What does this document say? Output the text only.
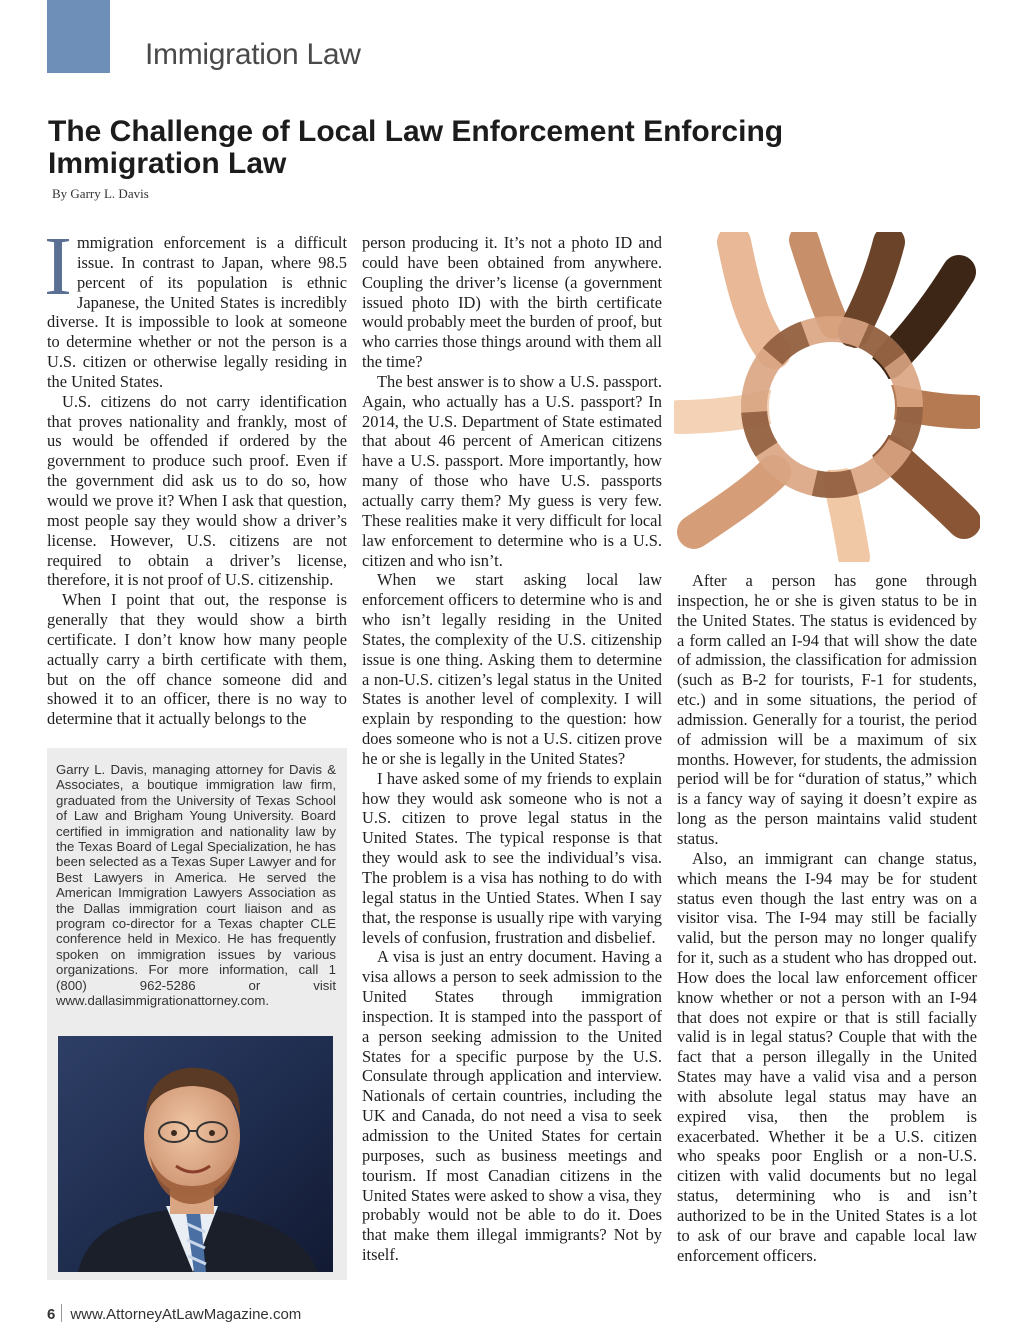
Immigration Law
The Challenge of Local Law Enforcement Enforcing Immigration Law
By Garry L. Davis

Immigration enforcement is a difficult issue. In contrast to Japan, where 98.5 percent of its population is ethnic Japanese, the United States is incredibly diverse. It is impossible to look at someone to determine whether or not the person is a U.S. citizen or otherwise legally residing in the United States.

U.S. citizens do not carry identification that proves nationality and frankly, most of us would be offended if ordered by the government to produce such proof. Even if the government did ask us to do so, how would we prove it? When I ask that question, most people say they would show a driver’s license. However, U.S. citizens are not required to obtain a driver’s license, therefore, it is not proof of U.S. citizenship.

When I point that out, the response is generally that they would show a birth certificate. I don’t know how many people actually carry a birth certificate with them, but on the off chance someone did and showed it to an officer, there is no way to determine that it actually belongs to the

Garry L. Davis, managing attorney for Davis & Associates, a boutique immigration law firm, graduated from the University of Texas School of Law and Brigham Young University. Board certified in immigration and nationality law by the Texas Board of Legal Specialization, he has been selected as a Texas Super Lawyer and for Best Lawyers in America. He served the American Immigration Lawyers Association as the Dallas immigration court liaison and as program co-director for a Texas chapter CLE conference held in Mexico. He has frequently spoken on immigration issues by various organizations. For more information, call 1 (800) 962-5286 or visit www.dallasimmigrationattorney.com.

person producing it. It’s not a photo ID and could have been obtained from anywhere. Coupling the driver’s license (a government issued photo ID) with the birth certificate would probably meet the burden of proof, but who carries those things around with them all the time?

The best answer is to show a U.S. passport. Again, who actually has a U.S. passport? In 2014, the U.S. Department of State estimated that about 46 percent of American citizens have a U.S. passport. More importantly, how many of those who have U.S. passports actually carry them? My guess is very few. These realities make it very difficult for local law enforcement to determine who is a U.S. citizen and who isn’t.

When we start asking local law enforcement officers to determine who is and who isn’t legally residing in the United States, the complexity of the U.S. citizenship issue is one thing. Asking them to determine a non-U.S. citizen’s legal status in the United States is another level of complexity. I will explain by responding to the question: how does someone who is not a U.S. citizen prove he or she is legally in the United States?

I have asked some of my friends to explain how they would ask someone who is not a U.S. citizen to prove legal status in the United States. The typical response is that they would ask to see the individual’s visa. The problem is a visa has nothing to do with legal status in the Untied States. When I say that, the response is usually ripe with varying levels of confusion, frustration and disbelief.

A visa is just an entry document. Having a visa allows a person to seek admission to the United States through immigration inspection. It is stamped into the passport of a person seeking admission to the United States for a specific purpose by the U.S. Consulate through application and interview. Nationals of certain countries, including the UK and Canada, do not need a visa to seek admission to the United States for certain purposes, such as business meetings and tourism. If most Canadian citizens in the United States were asked to show a visa, they probably would not be able to do it. Does that make them illegal immigrants? Not by itself.

After a person has gone through inspection, he or she is given status to be in the United States. The status is evidenced by a form called an I-94 that will show the date of admission, the classification for admission (such as B-2 for tourists, F-1 for students, etc.) and in some situations, the period of admission. Generally for a tourist, the period of admission will be a maximum of six months. However, for students, the admission period will be for “duration of status,” which is a fancy way of saying it doesn’t expire as long as the person maintains valid student status.

Also, an immigrant can change status, which means the I-94 may be for student status even though the last entry was on a visitor visa. The I-94 may still be facially valid, but the person may no longer qualify for it, such as a student who has dropped out. How does the local law enforcement officer know whether or not a person with an I-94 that does not expire or that is still facially valid is in legal status? Couple that with the fact that a person illegally in the United States may have a valid visa and a person with absolute legal status may have an expired visa, then the problem is exacerbated. Whether it be a U.S. citizen who speaks poor English or a non-U.S. citizen with valid documents but no legal status, determining who is and isn’t authorized to be in the United States is a lot to ask of our brave and capable local law enforcement officers.

6 www.AttorneyAtLawMagazine.com
